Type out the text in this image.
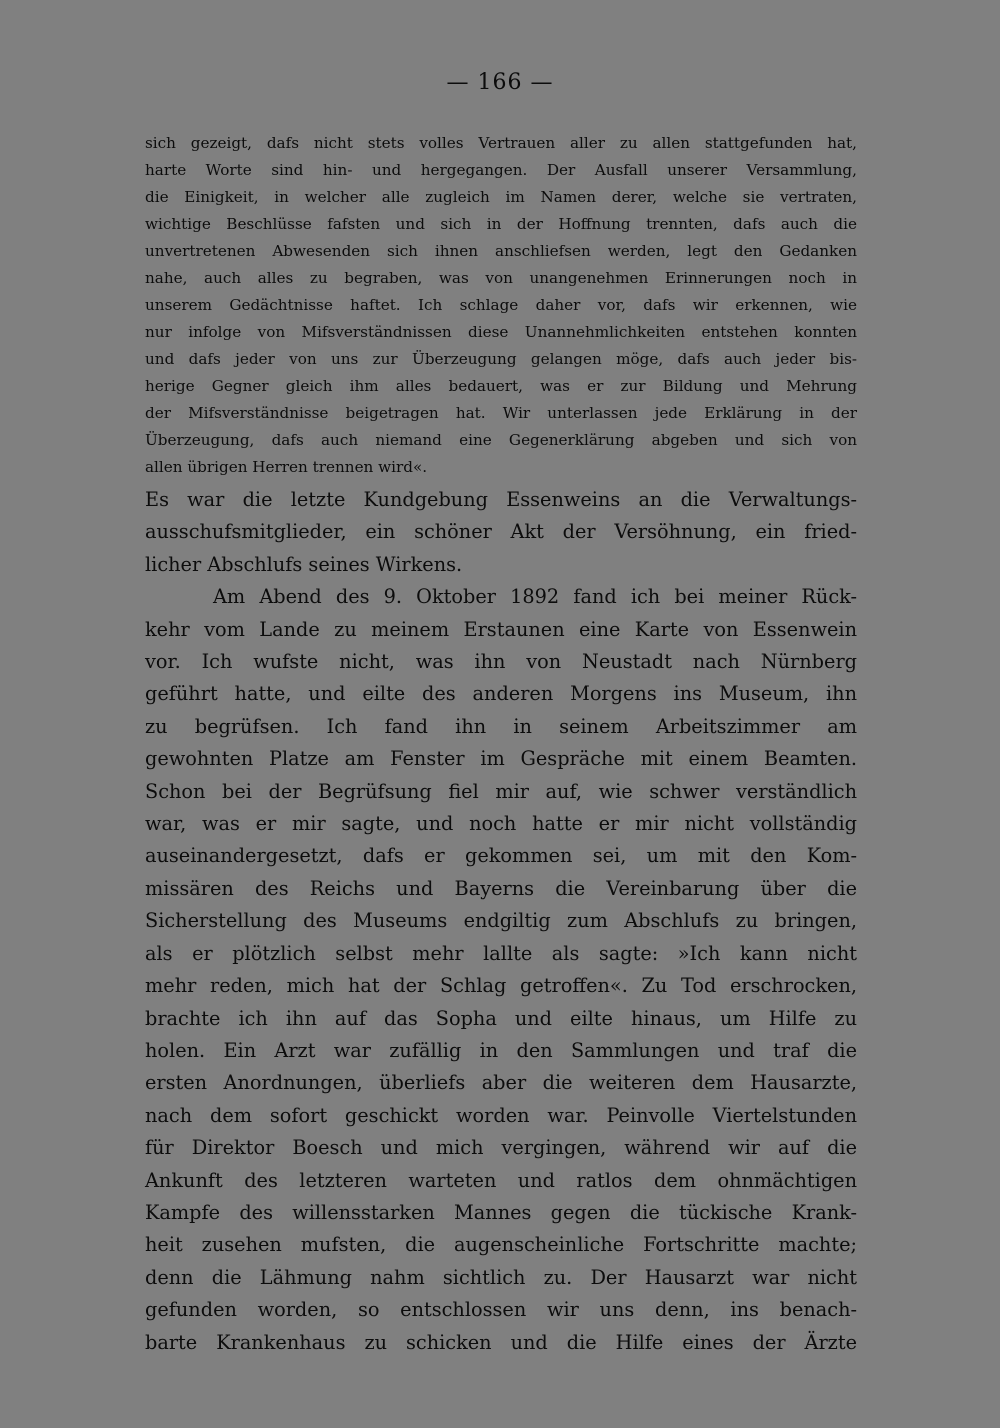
— 166 —
sich gezeigt, dafs nicht stets volles Vertrauen aller zu allen stattgefunden hat,
harte Worte sind hin- und hergegangen. Der Ausfall unserer Versammlung,
die Einigkeit, in welcher alle zugleich im Namen derer, welche sie vertraten,
wichtige Beschlüsse fafsten und sich in der Hoffnung trennten, dafs auch die
unvertretenen Abwesenden sich ihnen anschliefsen werden, legt den Gedanken
nahe, auch alles zu begraben, was von unangenehmen Erinnerungen noch in
unserem Gedächtnisse haftet. Ich schlage daher vor, dafs wir erkennen, wie
nur infolge von Mifsverständnissen diese Unannehmlichkeiten entstehen konnten
und dafs jeder von uns zur Überzeugung gelangen möge, dafs auch jeder bis-
herige Gegner gleich ihm alles bedauert, was er zur Bildung und Mehrung
der Mifsverständnisse beigetragen hat. Wir unterlassen jede Erklärung in der
Überzeugung, dafs auch niemand eine Gegenerklärung abgeben und sich von
allen übrigen Herren trennen wird«.
Es war die letzte Kundgebung Essenweins an die Verwaltungs-
ausschufsmitglieder, ein schöner Akt der Versöhnung, ein fried-
licher Abschlufs seines Wirkens.
Am Abend des 9. Oktober 1892 fand ich bei meiner Rück-
kehr vom Lande zu meinem Erstaunen eine Karte von Essenwein
vor. Ich wufste nicht, was ihn von Neustadt nach Nürnberg
geführt hatte, und eilte des anderen Morgens ins Museum, ihn
zu begrüfsen. Ich fand ihn in seinem Arbeitszimmer am
gewohnten Platze am Fenster im Gespräche mit einem Beamten.
Schon bei der Begrüfsung fiel mir auf, wie schwer verständlich
war, was er mir sagte, und noch hatte er mir nicht vollständig
auseinandergesetzt, dafs er gekommen sei, um mit den Kom-
missären des Reichs und Bayerns die Vereinbarung über die
Sicherstellung des Museums endgiltig zum Abschlufs zu bringen,
als er plötzlich selbst mehr lallte als sagte: »Ich kann nicht
mehr reden, mich hat der Schlag getroffen«. Zu Tod erschrocken,
brachte ich ihn auf das Sopha und eilte hinaus, um Hilfe zu
holen. Ein Arzt war zufällig in den Sammlungen und traf die
ersten Anordnungen, überliefs aber die weiteren dem Hausarzte,
nach dem sofort geschickt worden war. Peinvolle Viertelstunden
für Direktor Boesch und mich vergingen, während wir auf die
Ankunft des letzteren warteten und ratlos dem ohnmächtigen
Kampfe des willensstarken Mannes gegen die tückische Krank-
heit zusehen mufsten, die augenscheinliche Fortschritte machte;
denn die Lähmung nahm sichtlich zu. Der Hausarzt war nicht
gefunden worden, so entschlossen wir uns denn, ins benach-
barte Krankenhaus zu schicken und die Hilfe eines der Ärzte
